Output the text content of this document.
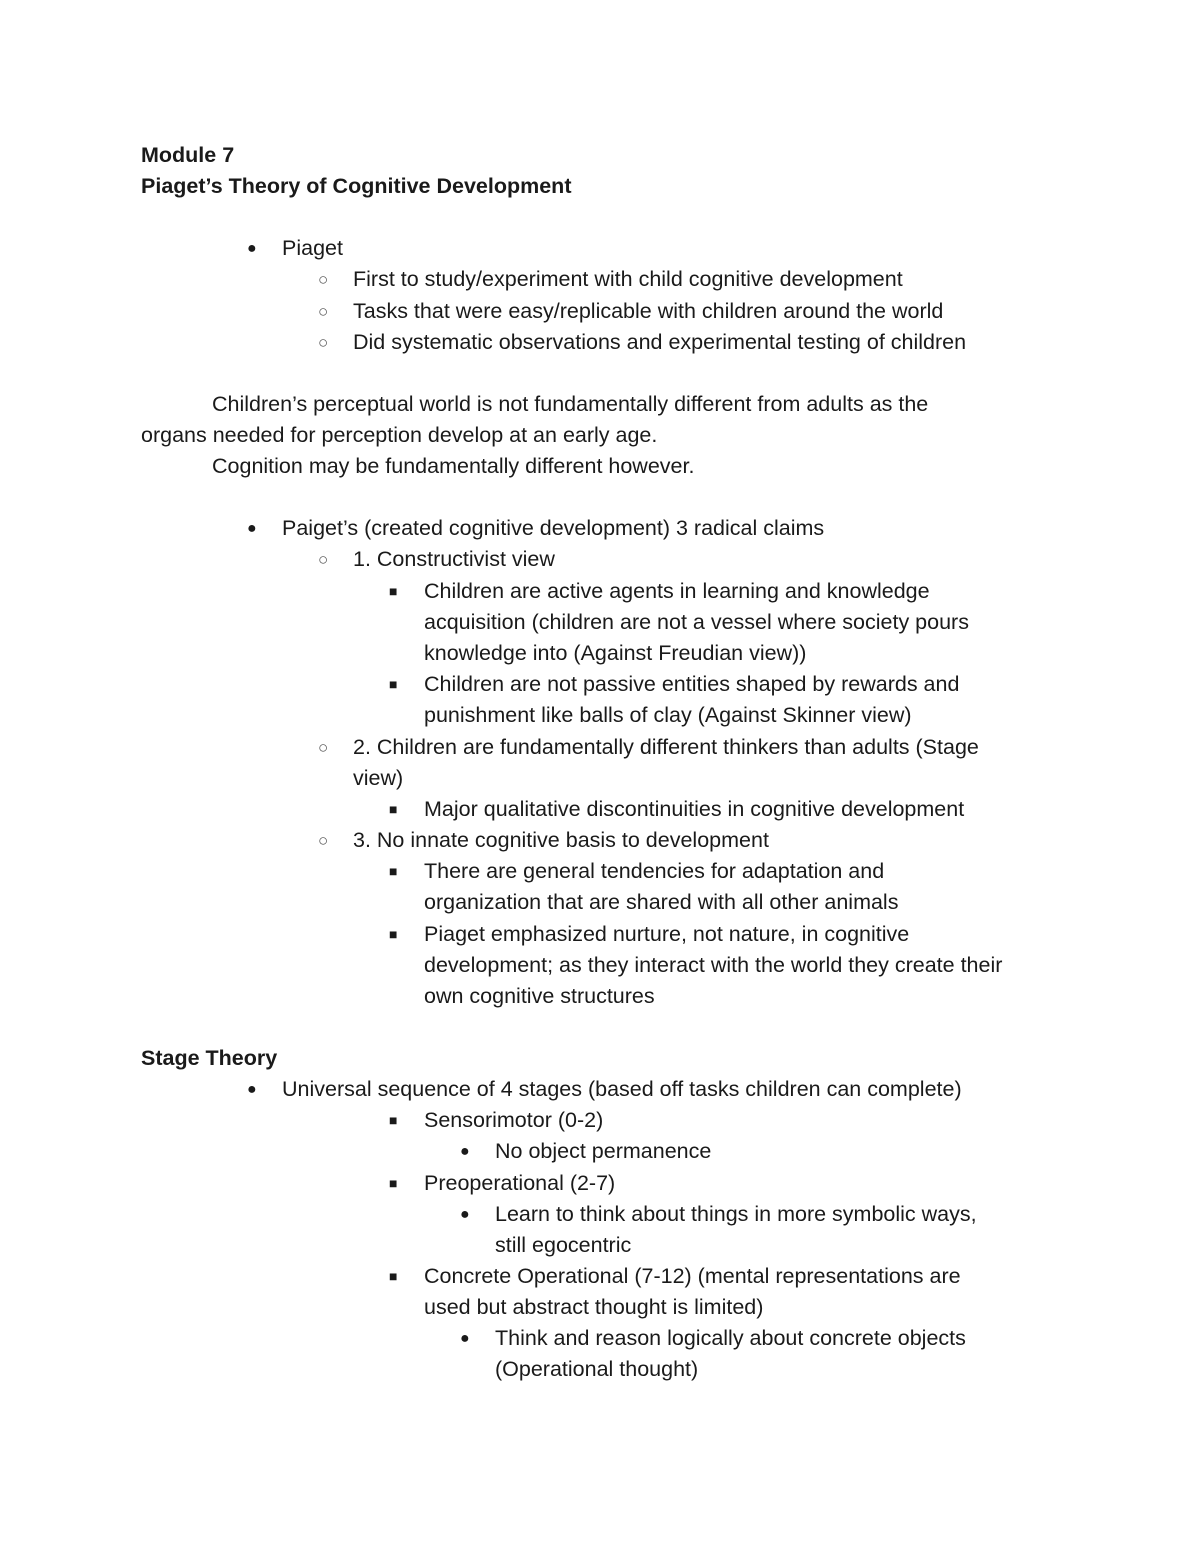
Module 7
Piaget’s Theory of Cognitive Development
● Piaget
○ First to study/experiment with child cognitive development
○ Tasks that were easy/replicable with children around the world
○ Did systematic observations and experimental testing of children
Children’s perceptual world is not fundamentally different from adults as the
organs needed for perception develop at an early age.
Cognition may be fundamentally different however.
● Paiget’s (created cognitive development) 3 radical claims
○ 1. Constructivist view
■ Children are active agents in learning and knowledge
acquisition (children are not a vessel where society pours
knowledge into (Against Freudian view))
■ Children are not passive entities shaped by rewards and
punishment like balls of clay (Against Skinner view)
○ 2. Children are fundamentally different thinkers than adults (Stage
view)
■ Major qualitative discontinuities in cognitive development
○ 3. No innate cognitive basis to development
■ There are general tendencies for adaptation and
organization that are shared with all other animals
■ Piaget emphasized nurture, not nature, in cognitive
development; as they interact with the world they create their
own cognitive structures
Stage Theory
● Universal sequence of 4 stages (based off tasks children can complete)
■ Sensorimotor (0-2)
● No object permanence
■ Preoperational (2-7)
● Learn to think about things in more symbolic ways,
still egocentric
■ Concrete Operational (7-12) (mental representations are
used but abstract thought is limited)
● Think and reason logically about concrete objects
(Operational thought)
